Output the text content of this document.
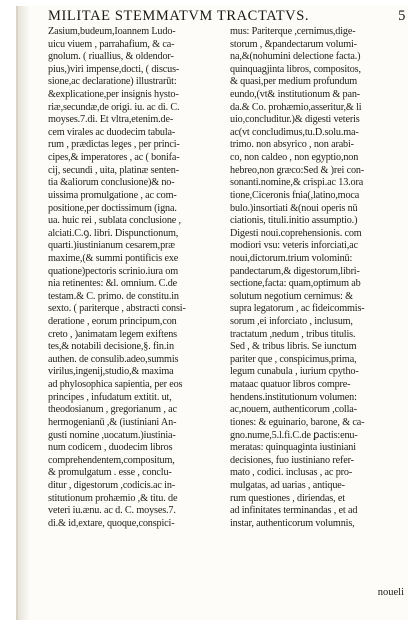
MILITAE STEMMATVM TRACTATVS.	5
Zasium,budeum,Ioannem Ludo-
uicu viuem , parrahafium, & ca-
gnolum. ( riuallius, & oldendor-
pius,)viri impense,docti, ( discus-
sione,ac declaratione) illustrarūt:
&explicatione,per insignis hysto-
riæ,secundæ,de origi. iu. ac di. C.
moyses.7.di. Et vltra,etenim.de-
cem virales ac duodecim tabula-
rum , prædictas leges , per princi-
cipes,& imperatores , ac ( bonifa-
cij, secundi , uita, platinæ senten-
tia &aliorum conclusione)& no-
uissima promulgatione , ac com-
positione,per doctissimum (igna.
ua. huic rei , sublata conclusione ,
alciati.C.ꝯ. libri. Dispunctionum,
quarti.)iustinianum cesarem,præ
maxime,(& summi pontificis exe
quatione)pectoris scrinio.iura om
nia retinentes: &l. omnium. C.de
testam.& C. primo. de constitu.in
sexto. ( pariterque , abstracti consi-
deratione , eorum principum,con
creto , )animatam legem exiftens
tes,& notabili decisione,§. fin.in
authen. de consulib.adeo,summis
virilus,ingenij,studio,& maxima
ad phylosophica sapientia, per eos
principes , infudatum extitit. ut,
theodosianum , gregorianum , ac
hermogenianū ,& (iustiniani An-
gusti nomine ,uocatum.)iustinia-
num codicem , duodecim libros
comprehendentem,compositum,
& promulgatum . esse , conclu-
ditur , digestorum ,codicis.ac in-
stitutionum prohæmio ,& titu. de
veteri iu.ænu. ac d. C. moyses.7.
di.& id,extare, quoque,conspici-
mus: Pariterque ,cernimus,dige-
storum , &pandectarum volumi-
na,&(nohumini delectione facta.)
quinquagjinta libros, compositos,
& quasi,per medium profundum
eundo,(vt& institutionum & pan-
da.& Co. prohæmio,asseritur,& li
uio,concluditur.)& digesti veteris
ac(vt concludimus,tu.D.solu.ma-
trimo. non absyrico , non arabi-
co, non caldeo , non egyptio,non
hebreo,non græco:Sed & )rei con-
sonanti.nomine,& crispi.ac 13.ora
tione,Ciceronis fnia(,latino,moca
bulo.)insortiati &(noui operis nū
ciationis, tituli.initio assumptio.)
Digesti noui.coprehensionis. com
modiori vsu: veteris inforciati,ac
noui,dictorum.trium volominū:
pandectarum,& digestorum,libri-
sectione,facta: quam,optimum ab
solutum negotium cernimus: &
supra legatorum , ac fideicommis-
sorum ,ei inforciato , inclusum,
tractatum ,nedum , tribus titulis.
Sed , & tribus libris. Se iunctum
pariter que , conspicimus,prima,
legum cunabula , iurium cpytho-
mataac quatuor libros compre-
hendens.institutionum volumen:
ac,nouem, authenticorum ,colla-
tiones: & eguinario, barone, & ca-
gno.nume,5.l.fi.C.de ꝑactis:enu-
meratas: quinquaginta iustiniani
decisiones, fuo iustiniano refer-
mato , codici. inclusas , ac pro-
mulgatas, ad uarias , antique-
rum questiones , diriendas, et
ad infinitates terminandas , et ad
instar, authenticorum volumnis,
noueli
